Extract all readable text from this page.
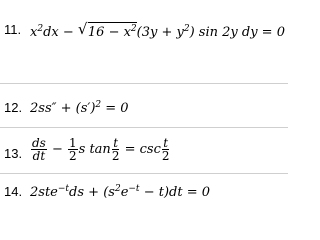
11. $x^2dx$ − √ $16 - x^2(3y + y^2)$ sin 2y dy = 0
12. $2ss'' + (s')^2 = 0$
13. $\frac{ds}{dt} - \frac{1}{2}$ s $\tan \frac{t}{2} = \csc \frac{t}{2}$
14. $2ste^{-t}ds + (s^2e^{-t} - t)dt = 0$
